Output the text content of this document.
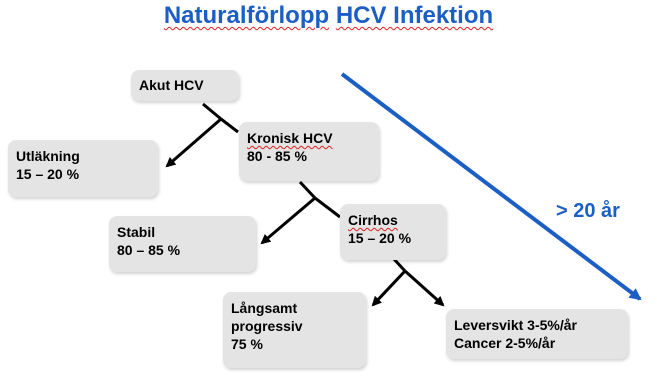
Naturalförlopp HCV Infektion
Akut HCV
Utläkning
15 – 20 %
Kronisk HCV
80 - 85 %
Stabil
80 – 85 %
Cirrhos
15 – 20 %
Långsamt
progressiv
75 %
Leversvikt 3-5%/år
Cancer 2-5%/år
> 20 år
